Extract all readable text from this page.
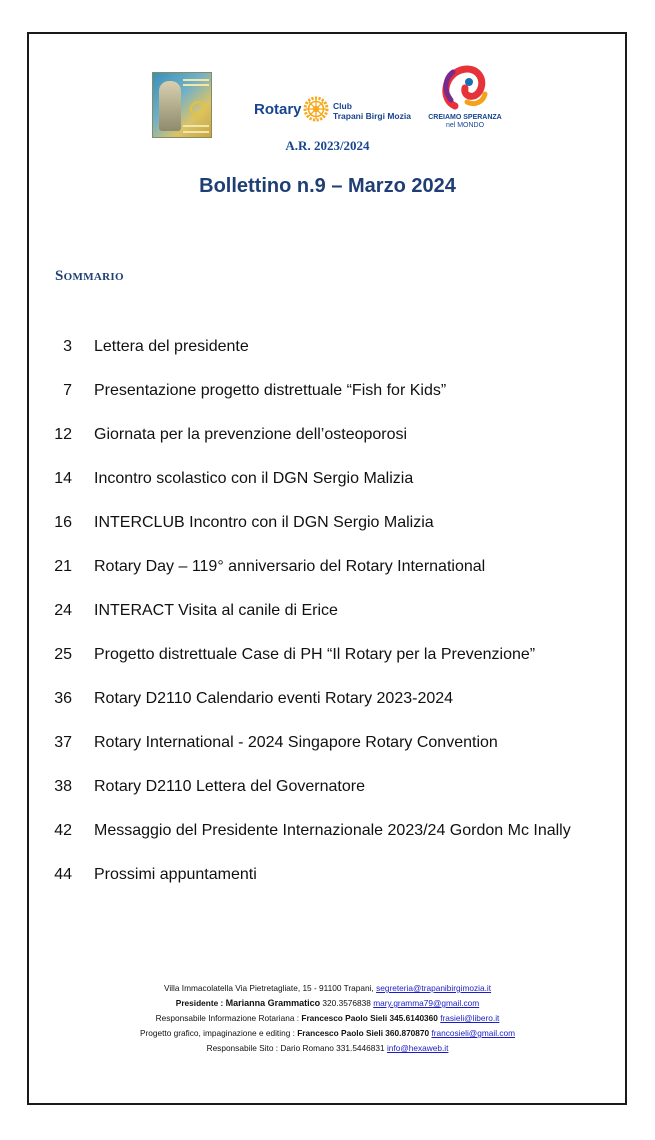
Rotary	Club
Trapani Birgi Mozia
A.R. 2023/2024
CREIAMO SPERANZA
nel MONDO
Bollettino n.9 – Marzo 2024
SOMMARIO
3 Lettera del presidente
7 Presentazione progetto distrettuale “Fish for Kids”
12 Giornata per la prevenzione dell’osteoporosi
14 Incontro scolastico con il DGN Sergio Malizia
16 INTERCLUB Incontro con il DGN Sergio Malizia
21 Rotary Day – 119° anniversario del Rotary International
24 INTERACT Visita al canile di Erice
25 Progetto distrettuale Case di PH “Il Rotary per la Prevenzione”
36 Rotary D2110 Calendario eventi Rotary 2023-2024
37 Rotary International - 2024 Singapore Rotary Convention
38 Rotary D2110 Lettera del Governatore
42 Messaggio del Presidente Internazionale 2023/24 Gordon Mc Inally
44 Prossimi appuntamenti
Villa Immacolatella Via Pietretagliate, 15 - 91100 Trapani, segreteria@trapanibirgimozia.it
Presidente : Marianna Grammatico 320.3576838 mary.gramma79@gmail.com
Responsabile Informazione Rotariana : Francesco Paolo Sieli 345.6140360 frasieli@libero.it
Progetto grafico, impaginazione e editing : Francesco Paolo Sieli 360.870870 francosieli@gmail.com
Responsabile Sito : Dario Romano 331.5446831 info@hexaweb.it
